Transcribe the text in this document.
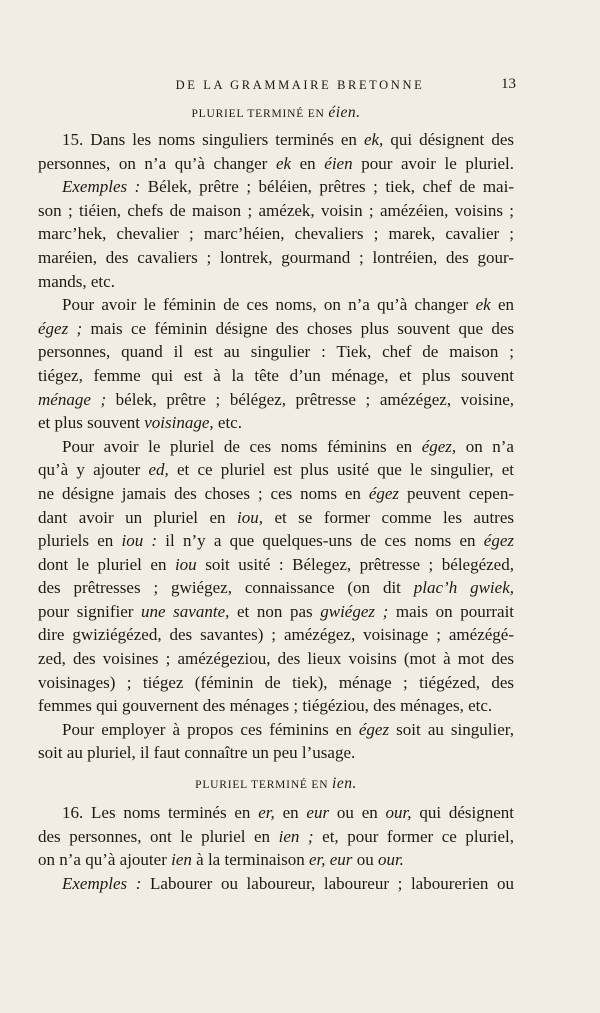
DE LA GRAMMAIRE BRETONNE	13
PLURIEL TERMINÉ EN éien.
15. Dans les noms singuliers terminés en ek, qui désignent des
personnes, on n’a qu’à changer ek en éien pour avoir le pluriel.
Exemples : Bélek, prêtre ; béléien, prêtres ; tiek, chef de mai-
son ; tiéien, chefs de maison ; amézek, voisin ; amézéien, voisins ;
marc’hek, chevalier ; marc’héien, chevaliers ; marek, cavalier ;
maréien, des cavaliers ; lontrek, gourmand ; lontréien, des gour-
mands, etc.
Pour avoir le féminin de ces noms, on n’a qu’à changer ek en
égez ; mais ce féminin désigne des choses plus souvent que des
personnes, quand il est au singulier : Tiek, chef de maison ;
tiégez, femme qui est à la tête d’un ménage, et plus souvent
ménage ; bélek, prêtre ; bélégez, prêtresse ; amézégez, voisine,
et plus souvent voisinage, etc.
Pour avoir le pluriel de ces noms féminins en égez, on n’a
qu’à y ajouter ed, et ce pluriel est plus usité que le singulier, et
ne désigne jamais des choses ; ces noms en égez peuvent cepen-
dant avoir un pluriel en iou, et se former comme les autres
pluriels en iou : il n’y a que quelques-uns de ces noms en égez
dont le pluriel en iou soit usité : Bélegez, prêtresse ; bélegézed,
des prêtresses ; gwiégez, connaissance (on dit plac’h gwiek,
pour signifier une savante, et non pas gwiégez ; mais on pourrait
dire gwiziégézed, des savantes) ; amézégez, voisinage ; amézégé-
zed, des voisines ; amézégeziou, des lieux voisins (mot à mot des
voisinages) ; tiégez (féminin de tiek), ménage ; tiégézed, des
femmes qui gouvernent des ménages ; tiégéziou, des ménages, etc.
Pour employer à propos ces féminins en égez soit au singulier,
soit au pluriel, il faut connaître un peu l’usage.
PLURIEL TERMINÉ EN ien.
16. Les noms terminés en er, en eur ou en our, qui désignent
des personnes, ont le pluriel en ien ; et, pour former ce pluriel,
on n’a qu’à ajouter ien à la terminaison er, eur ou our.
Exemples : Labourer ou laboureur, laboureur ; labourerien ou
